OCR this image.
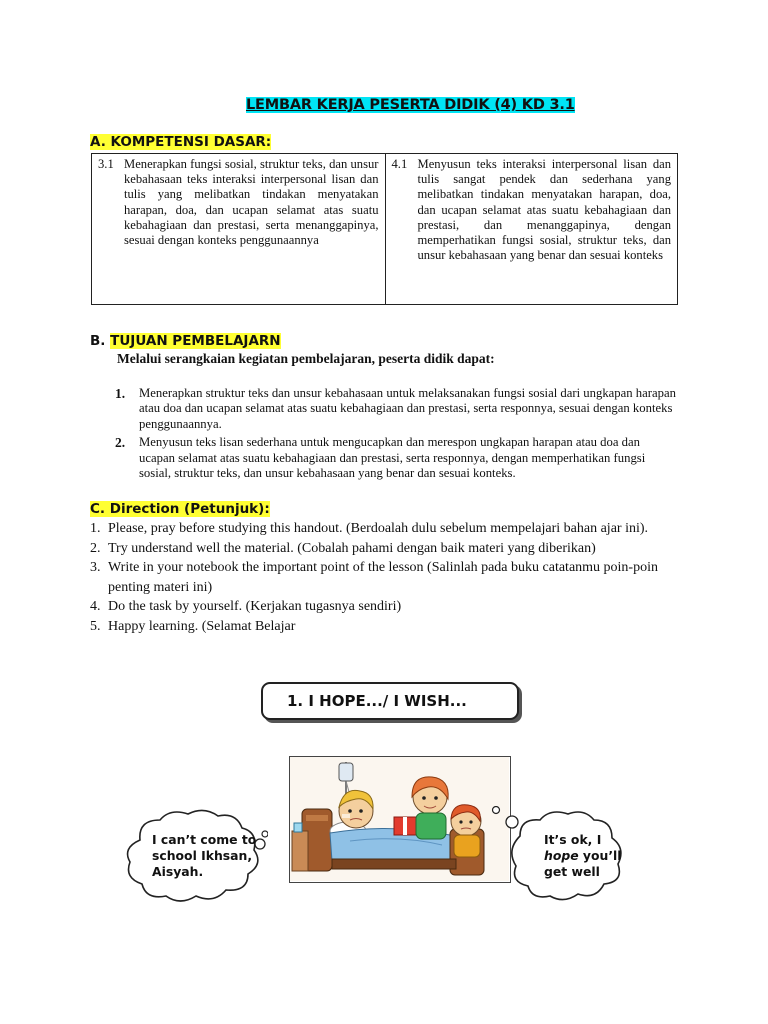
LEMBAR KERJA PESERTA DIDIK (4) KD 3.1
A. KOMPETENSI DASAR:
3.1 Menerapkan fungsi sosial, struktur teks, dan unsur kebahasaan teks interaksi interpersonal lisan dan tulis yang melibatkan tindakan menyatakan harapan, doa, dan ucapan selamat atas suatu kebahagiaan dan prestasi, serta menanggapinya, sesuai dengan konteks penggunaannya
4.1 Menyusun teks interaksi interpersonal lisan dan tulis sangat pendek dan sederhana yang melibatkan tindakan menyatakan harapan, doa, dan ucapan selamat atas suatu kebahagiaan dan prestasi, dan menanggapinya, dengan memperhatikan fungsi sosial, struktur teks, dan unsur kebahasaan yang benar dan sesuai konteks
B. TUJUAN PEMBELAJARN
Melalui serangkaian kegiatan pembelajaran, peserta didik dapat:
1.	Menerapkan struktur teks dan unsur kebahasaan untuk melaksanakan fungsi sosial dari ungkapan harapan atau doa dan ucapan selamat atas suatu kebahagiaan dan prestasi, serta responnya, sesuai dengan konteks penggunaannya.
2.	Menyusun teks lisan sederhana untuk mengucapkan dan merespon ungkapan harapan atau doa dan ucapan selamat atas suatu kebahagiaan dan prestasi, serta responnya, dengan memperhatikan fungsi sosial, struktur teks, dan unsur kebahasaan yang benar dan sesuai konteks.
C. Direction (Petunjuk):
1. Please, pray before studying this handout. (Berdoalah dulu sebelum mempelajari bahan ajar ini).
2. Try understand well the material. (Cobalah pahami dengan baik materi yang diberikan)
3. Write in your notebook the important point of the lesson (Salinlah pada buku catatanmu poin-poin penting materi ini)
4. Do the task by yourself. (Kerjakan tugasnya sendiri)
5. Happy learning. (Selamat Belajar
1. I HOPE.../ I WISH...
I can’t come to
school Ikhsan,
Aisyah.
It’s ok, I
hope you’ll
get well
